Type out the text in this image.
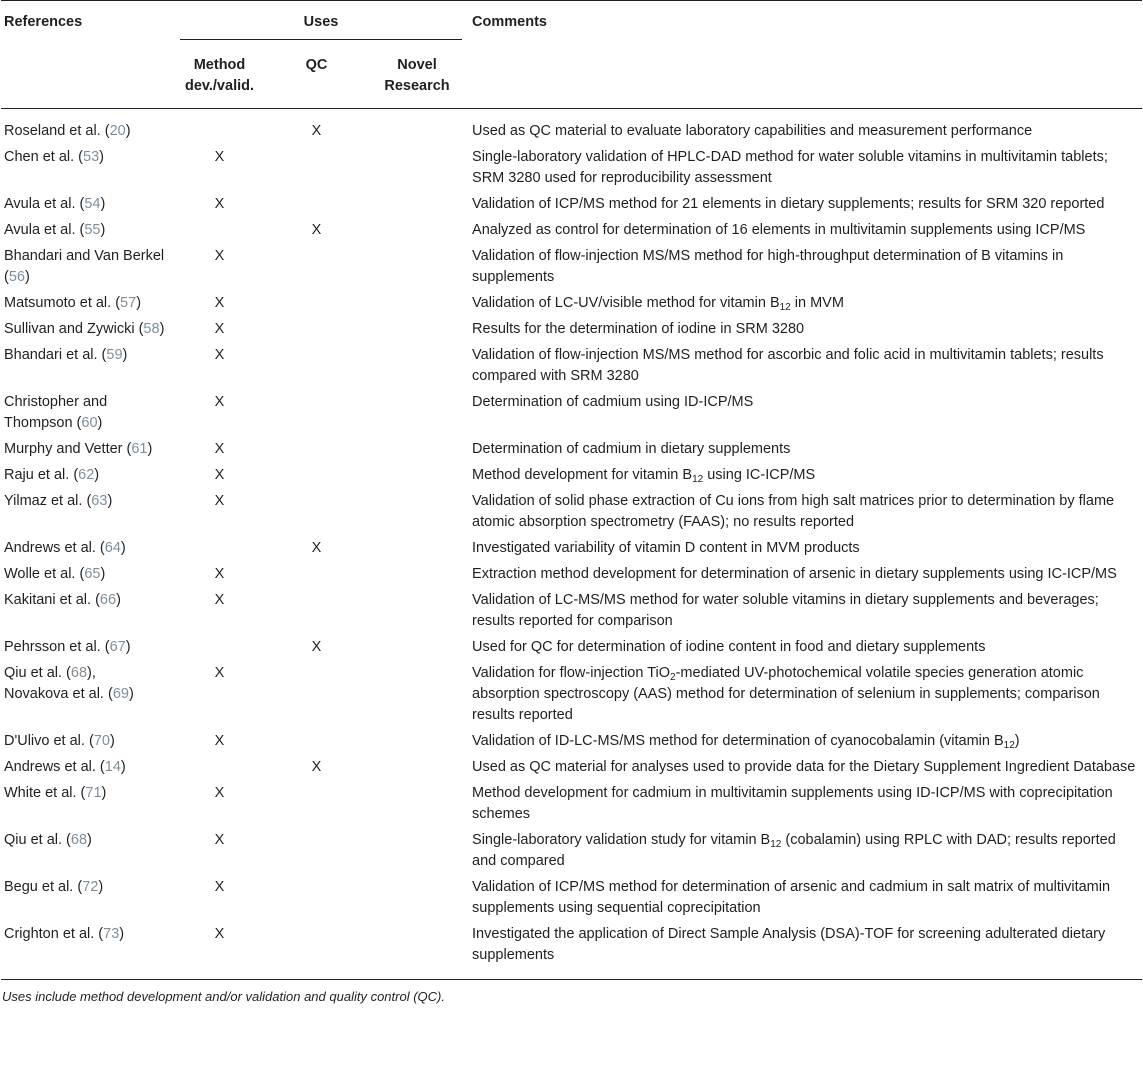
References	Uses			Comments

	Method dev./valid.	QC	Novel Research	

Roseland et al. (20)		X		Used as QC material to evaluate laboratory capabilities and measurement performance
Chen et al. (53)	X			Single-laboratory validation of HPLC-DAD method for water soluble vitamins in multivitamin tablets; SRM 3280 used for reproducibility assessment
Avula et al. (54)	X			Validation of ICP/MS method for 21 elements in dietary supplements; results for SRM 320 reported
Avula et al. (55)		X		Analyzed as control for determination of 16 elements in multivitamin supplements using ICP/MS
Bhandari and Van Berkel (56)	X			Validation of flow-injection MS/MS method for high-throughput determination of B vitamins in supplements
Matsumoto et al. (57)	X			Validation of LC-UV/visible method for vitamin $B_{12}$ in MVM
Sullivan and Zywicki (58)	X			Results for the determination of iodine in SRM 3280
Bhandari et al. (59)	X			Validation of flow-injection MS/MS method for ascorbic and folic acid in multivitamin tablets; results compared with SRM 3280
Christopher and Thompson (60)	X			Determination of cadmium using ID-ICP/MS
Murphy and Vetter (61)	X			Determination of cadmium in dietary supplements
Raju et al. (62)	X			Method development for vitamin $B_{12}$ using IC-ICP/MS
Yilmaz et al. (63)	X			Validation of solid phase extraction of Cu ions from high salt matrices prior to determination by flame atomic absorption spectrometry (FAAS); no results reported
Andrews et al. (64)		X		Investigated variability of vitamin D content in MVM products
Wolle et al. (65)	X			Extraction method development for determination of arsenic in dietary supplements using IC-ICP/MS
Kakitani et al. (66)	X			Validation of LC-MS/MS method for water soluble vitamins in dietary supplements and beverages; results reported for comparison
Pehrsson et al. (67)		X		Used for QC for determination of iodine content in food and dietary supplements
Qiu et al. (68),
Novakova et al. (69)	X			Validation for flow-injection TiO$_2$-mediated UV-photochemical volatile species generation atomic absorption spectroscopy (AAS) method for determination of selenium in supplements; comparison results reported
D'Ulivo et al. (70)	X			Validation of ID-LC-MS/MS method for determination of cyanocobalamin (vitamin $B_{12}$)
Andrews et al. (14)		X		Used as QC material for analyses used to provide data for the Dietary Supplement Ingredient Database
White et al. (71)	X			Method development for cadmium in multivitamin supplements using ID-ICP/MS with coprecipitation schemes
Qiu et al. (68)	X			Single-laboratory validation study for vitamin $B_{12}$ (cobalamin) using RPLC with DAD; results reported and compared
Begu et al. (72)	X			Validation of ICP/MS method for determination of arsenic and cadmium in salt matrix of multivitamin supplements using sequential coprecipitation
Crighton et al. (73)	X			Investigated the application of Direct Sample Analysis (DSA)-TOF for screening adulterated dietary supplements
Uses include method development and/or validation and quality control (QC).
